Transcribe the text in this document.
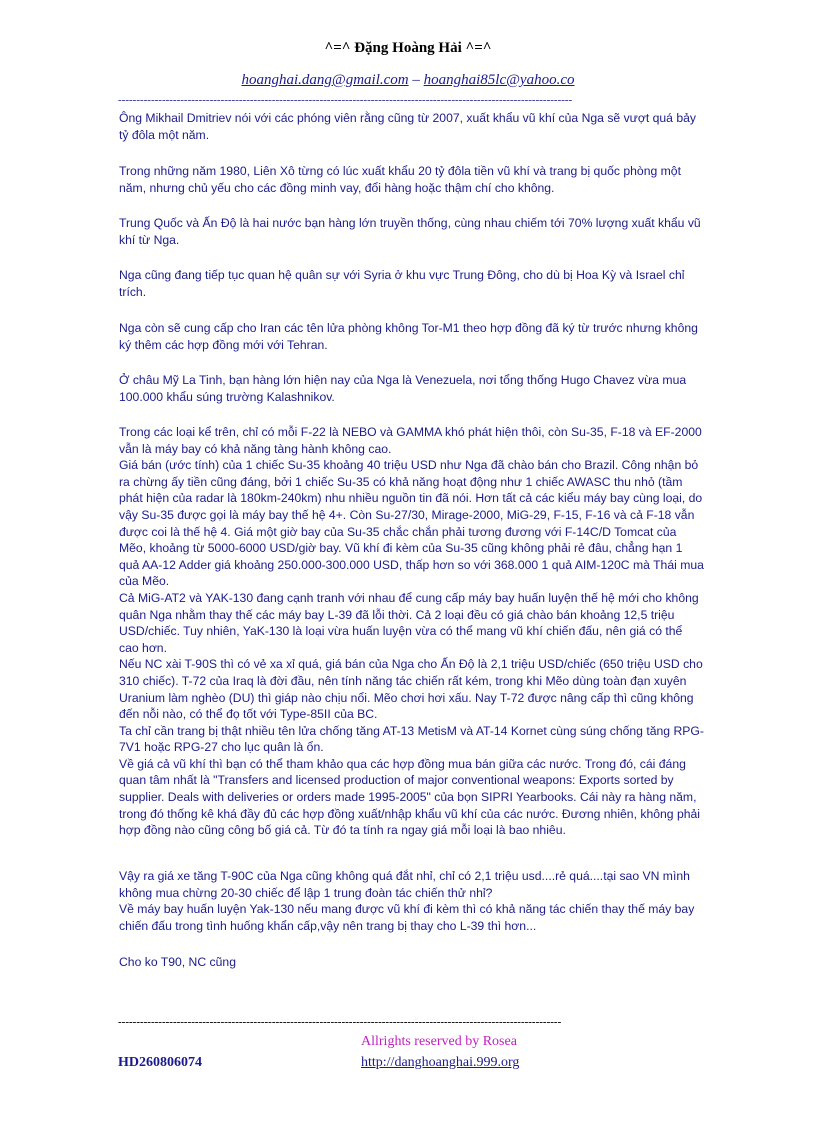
^=^ Đặng Hoàng Hải ^=^
hoanghai.dang@gmail.com – hoanghai85lc@yahoo.co
----------------------------------------------------------------------------------------------------------------------------

Ông Mikhail Dmitriev nói với các phóng viên rằng cũng từ 2007, xuất khẩu vũ khí của Nga sẽ vượt quá bảy tỷ đôla một năm.

Trong những năm 1980, Liên Xô từng có lúc xuất khẩu 20 tỷ đôla tiền vũ khí và trang bị quốc phòng một năm, nhưng chủ yếu cho các đồng minh vay, đổi hàng hoặc thậm chí cho không.

Trung Quốc và Ấn Độ là hai nước bạn hàng lớn truyền thống, cùng nhau chiếm tới 70% lượng xuất khẩu vũ khí từ Nga.

Nga cũng đang tiếp tục quan hệ quân sự với Syria ở khu vực Trung Đông, cho dù bị Hoa Kỳ và Israel chỉ trích.

Nga còn sẽ cung cấp cho Iran các tên lửa phòng không Tor-M1 theo hợp đồng đã ký từ trước nhưng không ký thêm các hợp đồng mới với Tehran.

Ở châu Mỹ La Tinh, bạn hàng lớn hiện nay của Nga là Venezuela, nơi tổng thống Hugo Chavez vừa mua 100.000 khẩu súng trường Kalashnikov.

Trong các loại kể trên, chỉ có mỗi F-22 là NEBO và GAMMA khó phát hiện thôi, còn Su-35, F-18 và EF-2000 vẫn là máy bay có khả năng tàng hành không cao.
Giá bán (ước tính) của 1 chiếc Su-35 khoảng 40 triệu USD như Nga đã chào bán cho Brazil. Công nhận bỏ ra chừng ấy tiền cũng đáng, bởi 1 chiếc Su-35 có khả năng hoạt động như 1 chiếc AWASC thu nhỏ (tầm phát hiện của radar là 180km-240km) nhu nhiều nguồn tin đã nói. Hơn tất cả các kiểu máy bay cùng loại, do vậy Su-35 được gọi là máy bay thế hệ 4+. Còn Su-27/30, Mirage-2000, MiG-29, F-15, F-16 và cả F-18 vẫn được coi là thế hệ 4. Giá một giờ bay của Su-35 chắc chắn phải tương đương với F-14C/D Tomcat của Mẽo, khoảng từ 5000-6000 USD/giờ bay. Vũ khí đi kèm của Su-35 cũng không phải rẻ đâu, chẳng hạn 1 quả AA-12 Adder giá khoảng 250.000-300.000 USD, thấp hơn so với 368.000 1 quả AIM-120C mà Thái mua của Mẽo.
Cả MiG-AT2 và YAK-130 đang cạnh tranh với nhau để cung cấp máy bay huấn luyện thế hệ mới cho không quân Nga nhằm thay thế các máy bay L-39 đã lỗi thời. Cả 2 loại đều có giá chào bán khoảng 12,5 triệu USD/chiếc. Tuy nhiên, YaK-130 là loại vừa huấn luyện vừa có thể mang vũ khí chiến đấu, nên giá có thể cao hơn.
Nếu NC xài T-90S thì có vẻ xa xỉ quá, giá bán của Nga cho Ấn Độ là 2,1 triệu USD/chiếc (650 triệu USD cho 310 chiếc). T-72 của Iraq là đời đầu, nên tính năng tác chiến rất kém, trong khi Mẽo dùng toàn đạn xuyên Uranium làm nghèo (DU) thì giáp nào chịu nổi. Mẽo chơi hơi xấu. Nay T-72 được nâng cấp thì cũng không đến nỗi nào, có thể đọ tốt với Type-85II của BC.
Ta chỉ cần trang bị thật nhiều tên lửa chống tăng AT-13 MetisM và AT-14 Kornet cùng súng chống tăng RPG-7V1 hoặc RPG-27 cho lục quân là ổn.
Về giá cả vũ khí thì bạn có thể tham khảo qua các hợp đồng mua bán giữa các nước. Trong đó, cái đáng quan tâm nhất là "Transfers and licensed production of major conventional weapons: Exports sorted by supplier. Deals with deliveries or orders made 1995-2005" của bọn SIPRI Yearbooks. Cái này ra hàng năm, trong đó thống kê khá đầy đủ các hợp đồng xuất/nhập khẩu vũ khí của các nước. Đương nhiên, không phải hợp đồng nào cũng công bố giá cả. Từ đó ta tính ra ngay giá mỗi loại là bao nhiêu.

Vậy ra giá xe tăng T-90C của Nga cũng không quá đắt nhỉ, chỉ có 2,1 triệu usd....rẻ quá....tại sao VN mình không mua chừng 20-30 chiếc để lập 1 trung đoàn tác chiến thử nhỉ?
Về máy bay huấn luyện Yak-130 nếu mang được vũ khí đi kèm thì có khả năng tác chiến thay thế máy bay chiến đấu trong tình huống khẩn cấp,vậy nên trang bị thay cho L-39 thì hơn...

Cho ko T90, NC cũng

-------------------------------------------------------------------------------------------------------------------------
Allrights reserved by Rosea
HD260806074	http://danghoanghai.999.org
